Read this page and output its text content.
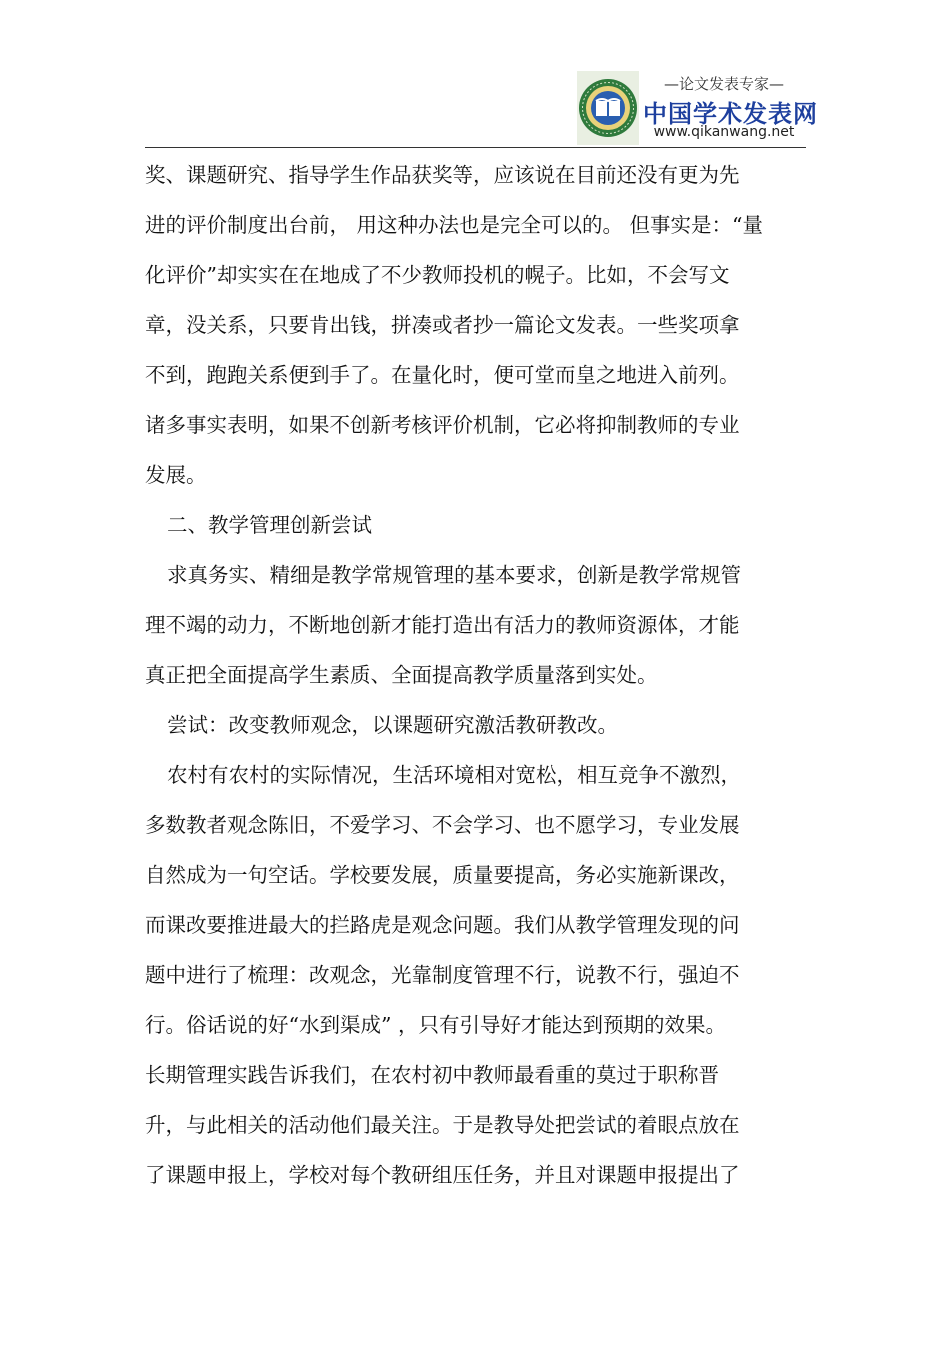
—论文发表专家—
中国学术发表网
www.qikanwang.net
奖、课题研究、指导学生作品获奖等，应该说在目前还没有更为先
进的评价制度出台前， 用这种办法也是完全可以的。 但事实是：“量
化评价”却实实在在地成了不少教师投机的幌子。比如，不会写文
章，没关系，只要肯出钱，拼凑或者抄一篇论文发表。一些奖项拿
不到，跑跑关系便到手了。在量化时，便可堂而皇之地进入前列。
诸多事实表明，如果不创新考核评价机制，它必将抑制教师的专业
发展。
二、教学管理创新尝试
求真务实、精细是教学常规管理的基本要求，创新是教学常规管
理不竭的动力，不断地创新才能打造出有活力的教师资源体，才能
真正把全面提高学生素质、全面提高教学质量落到实处。
尝试：改变教师观念，以课题研究激活教研教改。
农村有农村的实际情况，生活环境相对宽松，相互竞争不激烈，
多数教者观念陈旧，不爱学习、不会学习、也不愿学习，专业发展
自然成为一句空话。学校要发展，质量要提高，务必实施新课改，
而课改要推进最大的拦路虎是观念问题。我们从教学管理发现的问
题中进行了梳理：改观念，光靠制度管理不行，说教不行，强迫不
行。俗话说的好“水到渠成” ，只有引导好才能达到预期的效果。
长期管理实践告诉我们，在农村初中教师最看重的莫过于职称晋
升，与此相关的活动他们最关注。于是教导处把尝试的着眼点放在
了课题申报上，学校对每个教研组压任务，并且对课题申报提出了
